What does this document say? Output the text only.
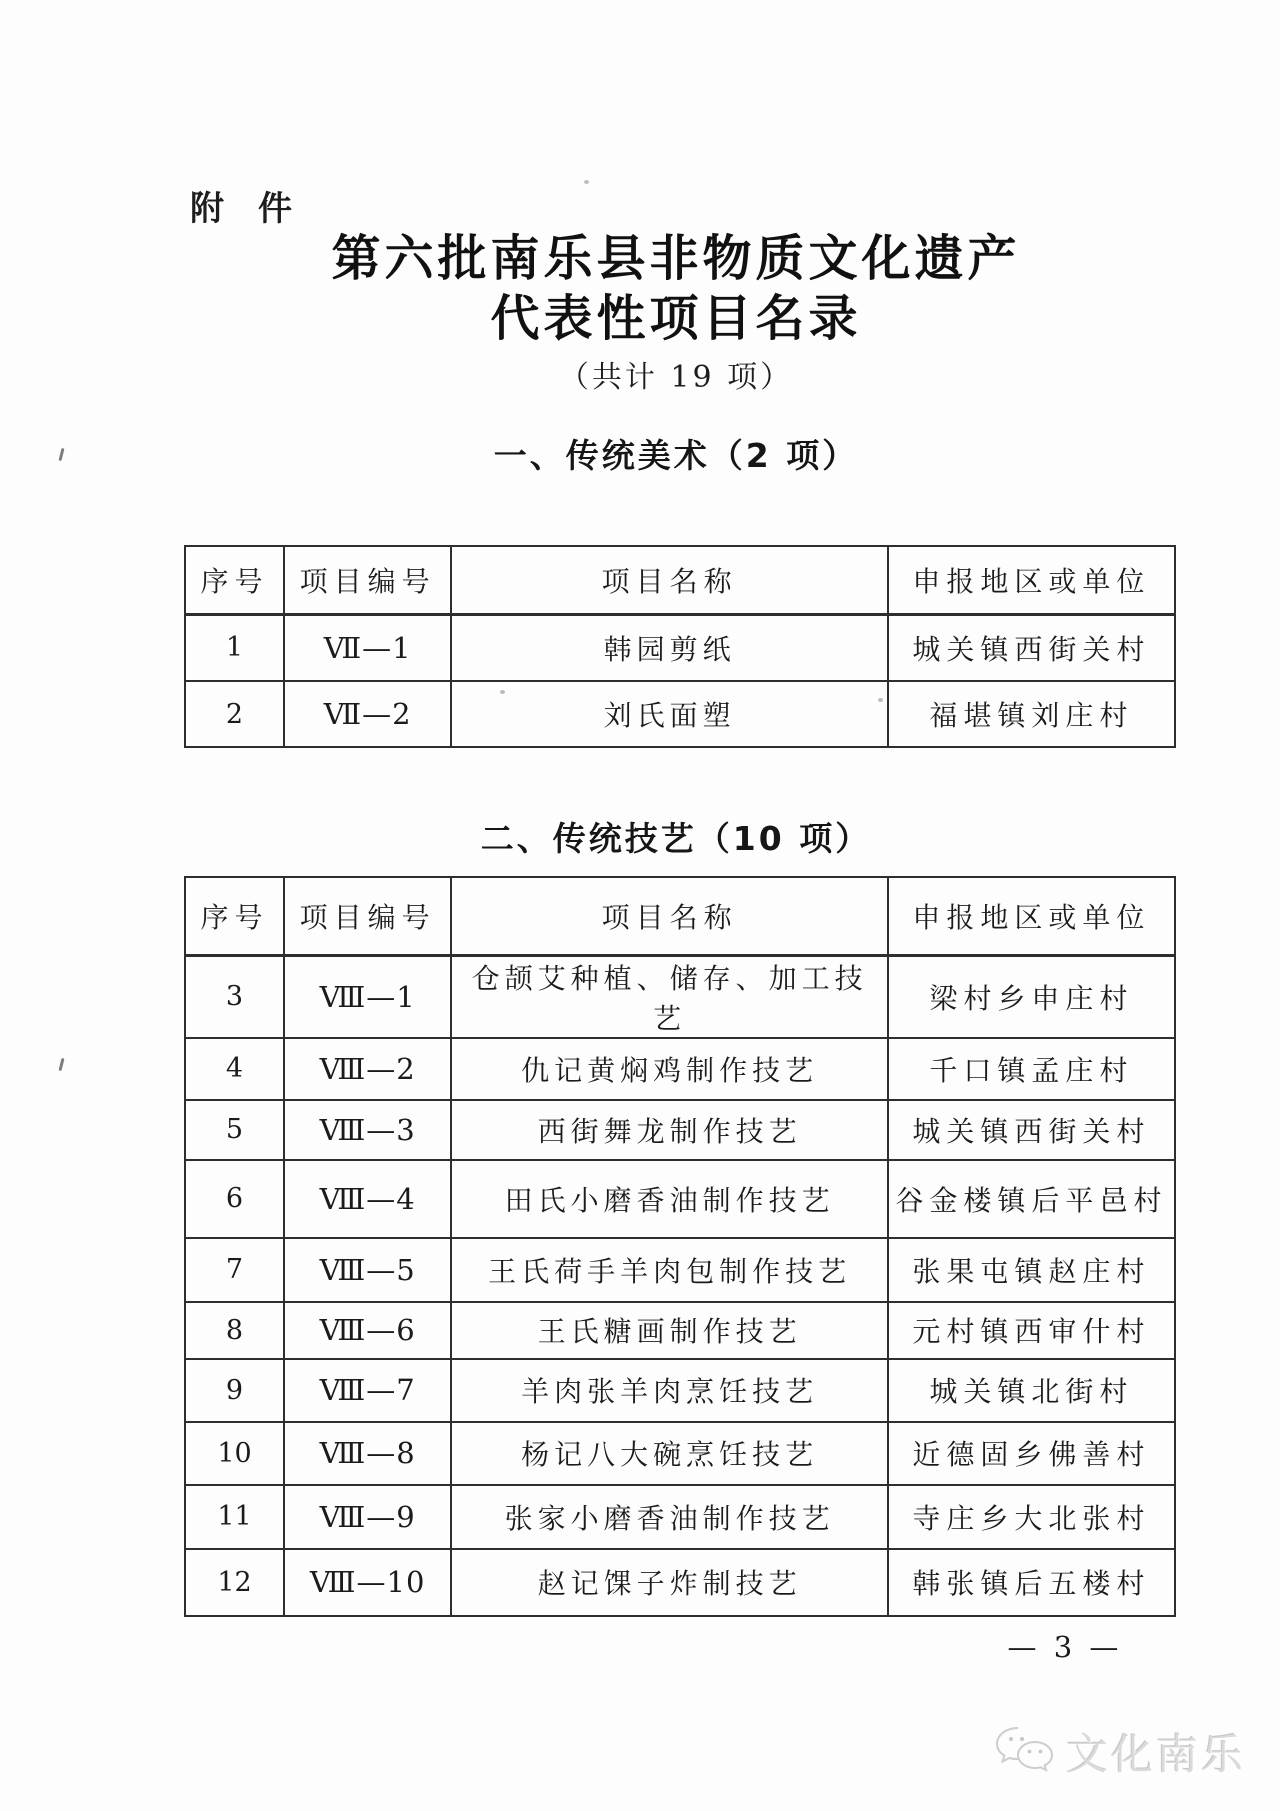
附　件
第六批南乐县非物质文化遗产
代表性项目名录
（共计 19 项）
一、传统美术（2 项）
序号	项目编号	项目名称	申报地区或单位
1	Ⅶ—1	韩园剪纸	城关镇西街关村
2	Ⅶ—2	刘氏面塑	福堪镇刘庄村
二、传统技艺（10 项）
序号	项目编号	项目名称	申报地区或单位
3	Ⅷ—1	仓颉艾种植、储存、加工技艺	梁村乡申庄村
4	Ⅷ—2	仇记黄焖鸡制作技艺	千口镇孟庄村
5	Ⅷ—3	西街舞龙制作技艺	城关镇西街关村
6	Ⅷ—4	田氏小磨香油制作技艺	谷金楼镇后平邑村
7	Ⅷ—5	王氏荷手羊肉包制作技艺	张果屯镇赵庄村
8	Ⅷ—6	王氏糖画制作技艺	元村镇西审什村
9	Ⅷ—7	羊肉张羊肉烹饪技艺	城关镇北街村
10	Ⅷ—8	杨记八大碗烹饪技艺	近德固乡佛善村
11	Ⅷ—9	张家小磨香油制作技艺	寺庄乡大北张村
12	Ⅷ—10	赵记馃子炸制技艺	韩张镇后五楼村
— 3 —
文化南乐
